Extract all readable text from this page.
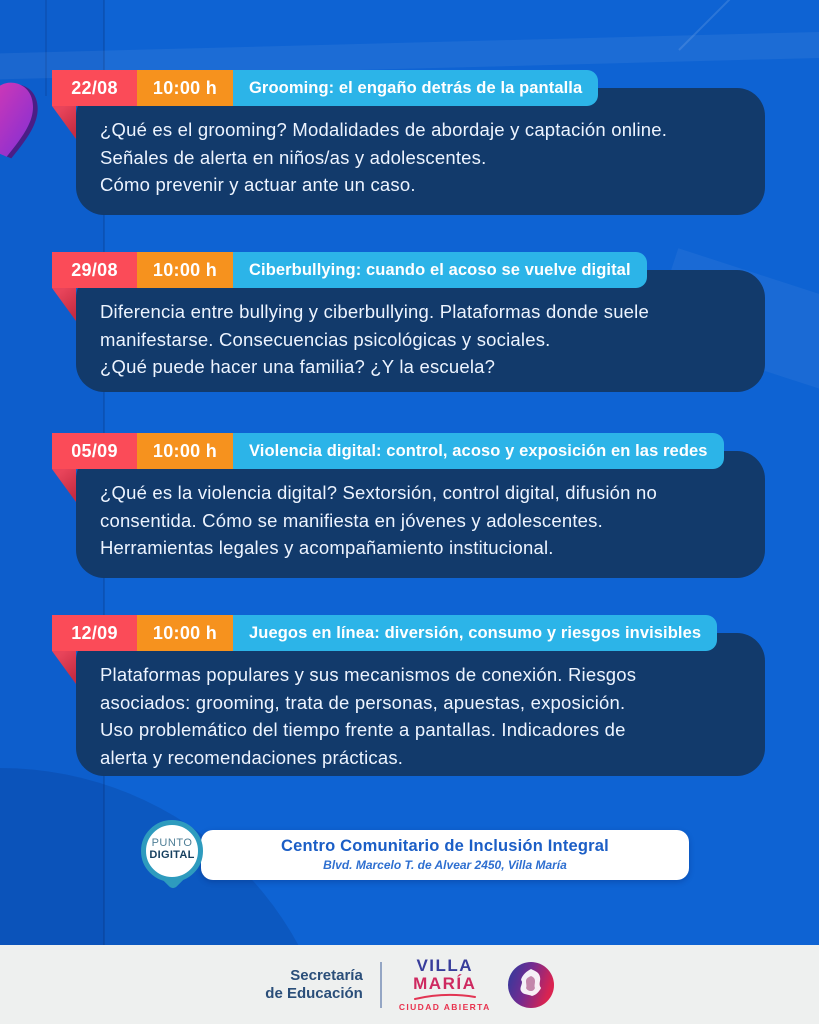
¿Qué es el grooming? Modalidades de abordaje y captación online.
Señales de alerta en niños/as y adolescentes.
Cómo prevenir y actuar ante un caso.
22/08	10:00 h	Grooming: el engaño detrás de la pantalla
Diferencia entre bullying y ciberbullying. Plataformas donde suele
manifestarse. Consecuencias psicológicas y sociales.
¿Qué puede hacer una familia? ¿Y la escuela?
29/08	10:00 h	Ciberbullying: cuando el acoso se vuelve digital
¿Qué es la violencia digital? Sextorsión, control digital, difusión no
consentida. Cómo se manifiesta en jóvenes y adolescentes.
Herramientas legales y acompañamiento institucional.
05/09	10:00 h	Violencia digital: control, acoso y exposición en las redes
Plataformas populares y sus mecanismos de conexión. Riesgos
asociados: grooming, trata de personas, apuestas, exposición.
Uso problemático del tiempo frente a pantallas. Indicadores de
alerta y recomendaciones prácticas.
12/09	10:00 h	Juegos en línea: diversión, consumo y riesgos invisibles
Centro Comunitario de Inclusión Integral
Blvd. Marcelo T. de Alvear 2450, Villa María
PUNTO
DIGITAL
Secretaría
de Educación
VILLA
MARÍA
CIUDAD ABIERTA
